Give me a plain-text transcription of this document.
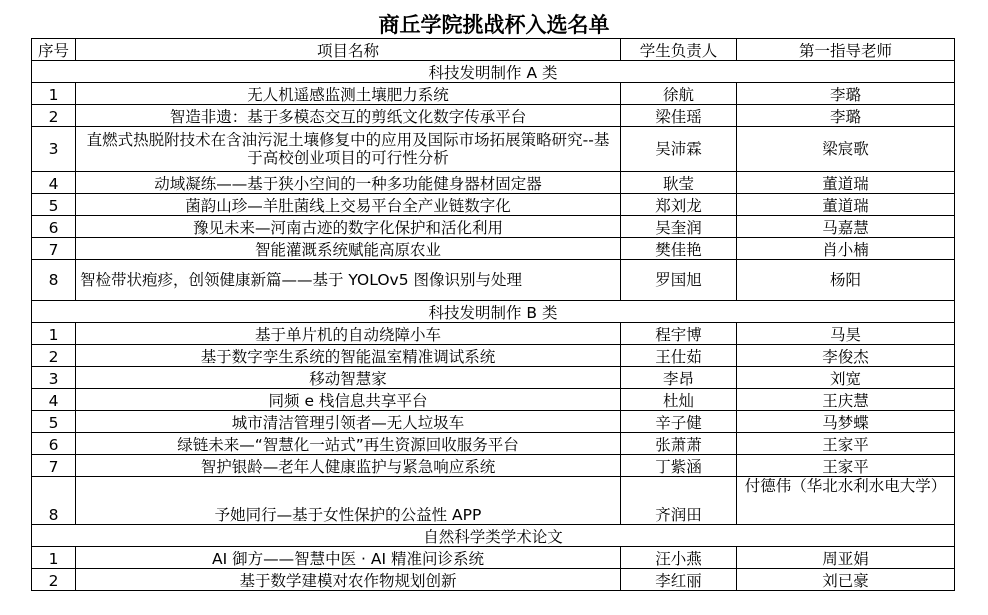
商丘学院挑战杯入选名单
序号	项目名称	学生负责人	第一指导老师
科技发明制作 A 类			
1	无人机遥感监测土壤肥力系统	徐航	李璐
2	智造非遗：基于多模态交互的剪纸文化数字传承平台	梁佳瑶	李璐
3	直燃式热脱附技术在含油污泥土壤修复中的应用及国际市场拓展策略研究--基于高校创业项目的可行性分析	吴沛霖	梁宸歌
4	动域凝练——基于狭小空间的一种多功能健身器材固定器	耿莹	董道瑞
5	菌韵山珍—羊肚菌线上交易平台全产业链数字化	郑刘龙	董道瑞
6	豫见未来—河南古迹的数字化保护和活化利用	吴奎润	马嘉慧
7	智能灌溉系统赋能高原农业	樊佳艳	肖小楠
8	智检带状疱疹，创领健康新篇——基于 YOLOv5 图像识别与处理	罗国旭	杨阳
科技发明制作 B 类			
1	基于单片机的自动绕障小车	程宇博	马昊
2	基于数字孪生系统的智能温室精准调试系统	王仕茹	李俊杰
3	移动智慧家	李昂	刘宽
4	同频 e 栈信息共享平台	杜灿	王庆慧
5	城市清洁管理引领者—无人垃圾车	辛子健	马梦蝶
6	绿链未来—“智慧化一站式”再生资源回收服务平台	张萧萧	王家平
7	智护银龄—老年人健康监护与紧急响应系统	丁紫涵	王家平
8	予她同行—基于女性保护的公益性 APP	齐润田	付德伟（华北水利水电大学）
自然科学类学术论文			
1	AI 御方——智慧中医 · AI 精准问诊系统	汪小燕	周亚娟
2	基于数学建模对农作物规划创新	李红丽	刘已豪
